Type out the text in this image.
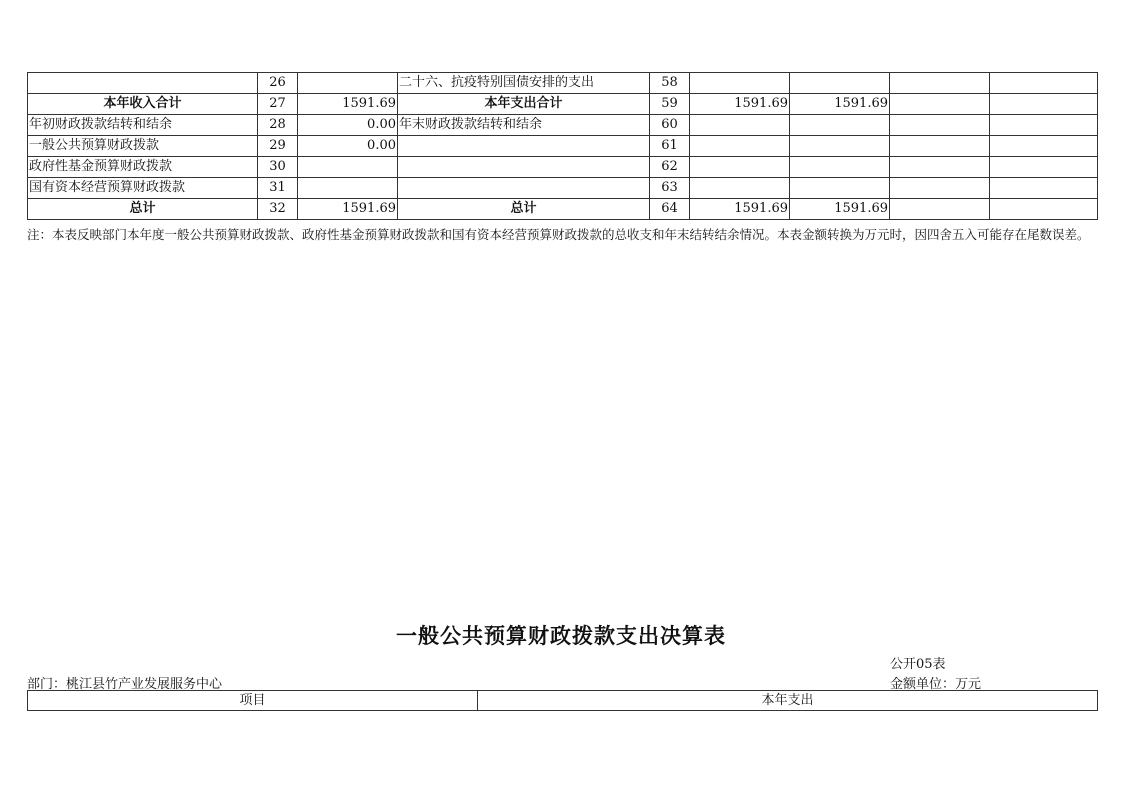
	26		二十六、抗疫特别国债安排的支出	58				
本年收入合计	27	1591.69	本年支出合计	59	1591.69	1591.69		
年初财政拨款结转和结余	28	0.00	年末财政拨款结转和结余	60				
一般公共预算财政拨款	29	0.00		61				
政府性基金预算财政拨款	30			62				
国有资本经营预算财政拨款	31			63				
总计	32	1591.69	总计	64	1591.69	1591.69		
注：本表反映部门本年度一般公共预算财政拨款、政府性基金预算财政拨款和国有资本经营预算财政拨款的总收支和年末结转结余情况。本表金额转换为万元时，因四舍五入可能存在尾数误差。
一般公共预算财政拨款支出决算表
公开05表
部门：桃江县竹产业发展服务中心	金额单位：万元
项目	本年支出
